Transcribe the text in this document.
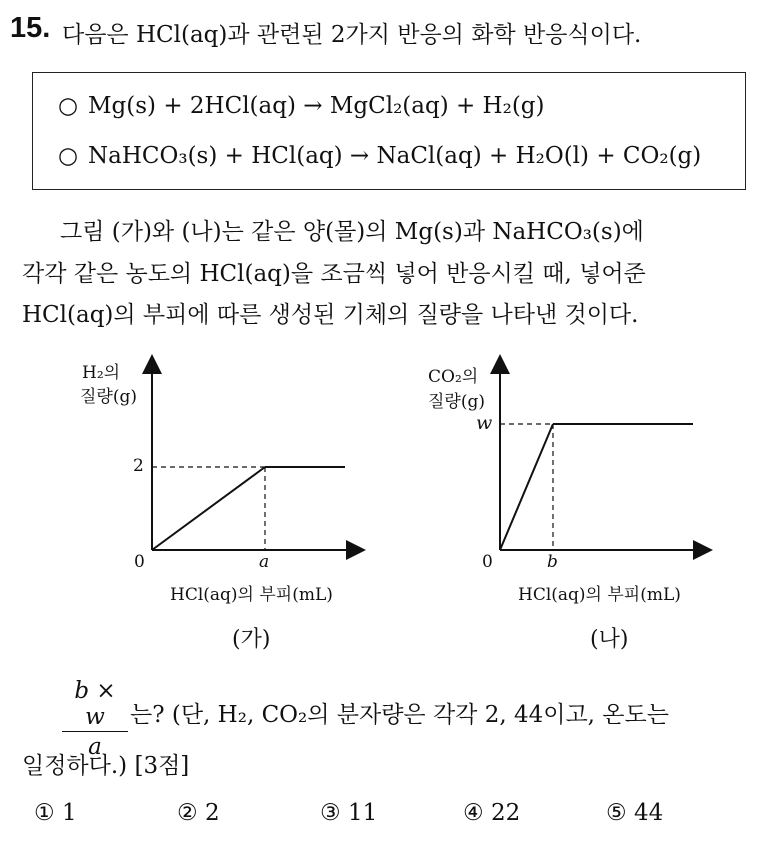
15. 다음은 HCl(aq)과 관련된 2가지 반응의 화학 반응식이다.
○ Mg(s) + 2HCl(aq) → MgCl₂(aq) + H₂(g)
○ NaHCO₃(s) + HCl(aq) → NaCl(aq) + H₂O(l) + CO₂(g)
그림 (가)와 (나)는 같은 양(몰)의 Mg(s)과 NaHCO₃(s)에
각각 같은 농도의 HCl(aq)을 조금씩 넣어 반응시킬 때, 넣어준
HCl(aq)의 부피에 따른 생성된 기체의 질량을 나타낸 것이다.
H₂의
질량(g)
2
0	a
HCl(aq)의 부피(mL)
(가)
CO₂의
질량(g)
w
0	b
HCl(aq)의 부피(mL)
(나)
$\frac{b \times w}{a}$ 는? (단, H₂, CO₂의 분자량은 각각 2, 44이고, 온도는
일정하다.) [3점]
① 1	② 2	③ 11	④ 22	⑤ 44
